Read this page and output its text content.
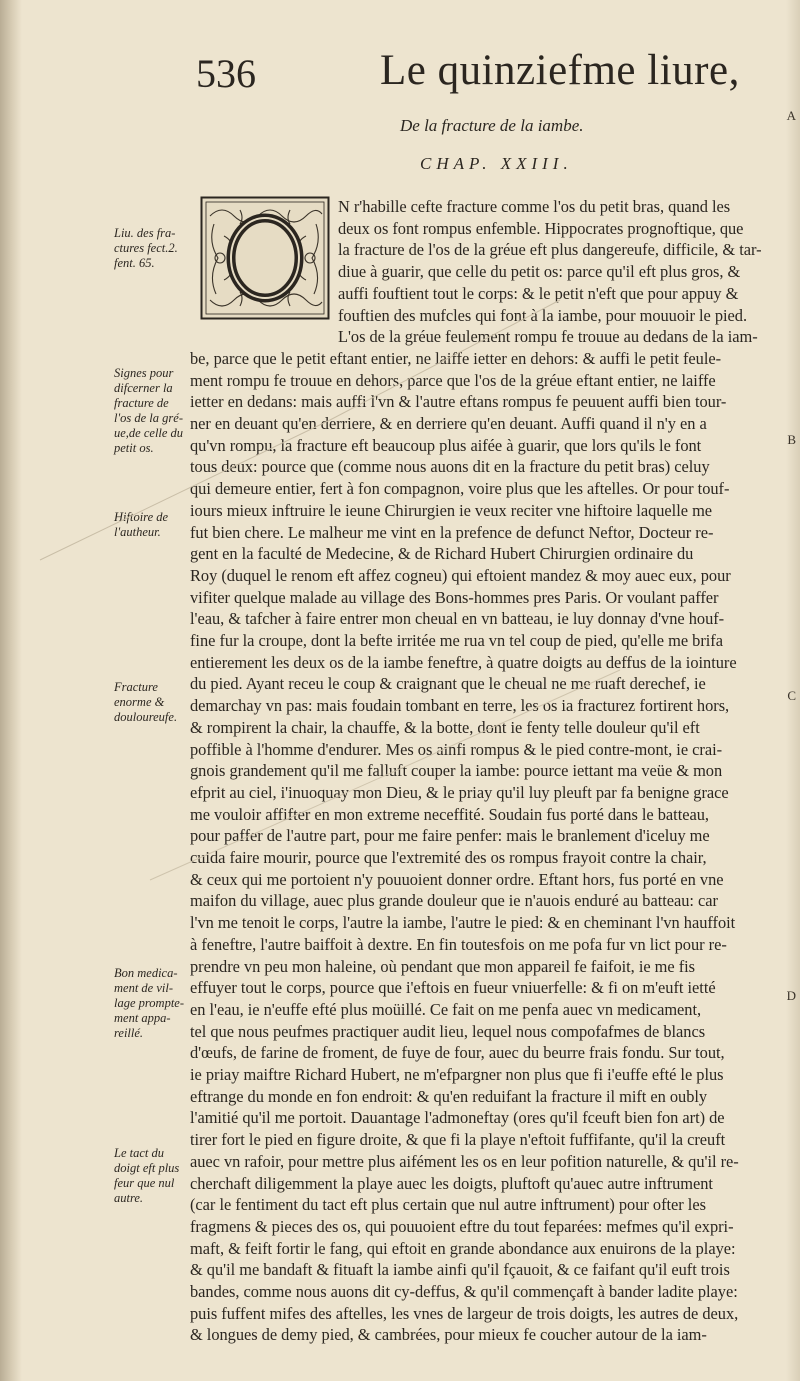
536	Le quinziefme liure,
De la fracture de la iambe.
CHAP. XXIII.
A
B
C
D
Liu. des fra-
ctures fect.2.
fent. 65.
Signes pour
difcerner la
fracture de
l'os de la gré-
ue,de celle du
petit os.
Hiftoire de
l'autheur.
Fracture
enorme &
douloureufe.
Bon medica-
ment de vil-
lage prompte-
ment appa-
reillé.
Le tact du
doigt eft plus
feur que nul
autre.
N r'habille cefte fracture comme l'os du petit bras, quand les
deux os font rompus enfemble. Hippocrates prognoftique, que
la fracture de l'os de la gréue eft plus dangereufe, difficile, & tar-
diue à guarir, que celle du petit os: parce qu'il eft plus gros, &
auffi fouftient tout le corps: & le petit n'eft que pour appuy &
fouftien des mufcles qui font à la iambe, pour mouuoir le pied.
L'os de la gréue feulement rompu fe trouue au dedans de la iam-
be, parce que le petit eftant entier, ne laiffe ietter en dehors: & auffi le petit feule-
ment rompu fe trouue en dehors, parce que l'os de la gréue eftant entier, ne laiffe
ietter en dedans: mais auffi l'vn & l'autre eftans rompus fe peuuent auffi bien tour-
ner en deuant qu'en derriere, & en derriere qu'en deuant. Auffi quand il n'y en a
qu'vn rompu, la fracture eft beaucoup plus aifée à guarir, que lors qu'ils le font
tous deux: pource que (comme nous auons dit en la fracture du petit bras) celuy
qui demeure entier, fert à fon compagnon, voire plus que les aftelles. Or pour touf-
iours mieux inftruire le ieune Chirurgien ie veux reciter vne hiftoire laquelle me
fut bien chere. Le malheur me vint en la prefence de defunct Neftor, Docteur re-
gent en la faculté de Medecine, & de Richard Hubert Chirurgien ordinaire du
Roy (duquel le renom eft affez cogneu) qui eftoient mandez & moy auec eux, pour
vifiter quelque malade au village des Bons-hommes pres Paris. Or voulant paffer
l'eau, & tafcher à faire entrer mon cheual en vn batteau, ie luy donnay d'vne houf-
fine fur la croupe, dont la befte irritée me rua vn tel coup de pied, qu'elle me brifa
entierement les deux os de la iambe feneftre, à quatre doigts au deffus de la iointure
du pied. Ayant receu le coup & craignant que le cheual ne me ruaft derechef, ie
demarchay vn pas: mais foudain tombant en terre, les os ia fracturez fortirent hors,
& rompirent la chair, la chauffe, & la botte, dont ie fenty telle douleur qu'il eft
poffible à l'homme d'endurer. Mes os ainfi rompus & le pied contre-mont, ie crai-
gnois grandement qu'il me falluft couper la iambe: pource iettant ma veüe & mon
efprit au ciel, i'inuoquay mon Dieu, & le priay qu'il luy pleuft par fa benigne grace
me vouloir affifter en mon extreme neceffité. Soudain fus porté dans le batteau,
pour paffer de l'autre part, pour me faire penfer: mais le branlement d'iceluy me
cuida faire mourir, pource que l'extremité des os rompus frayoit contre la chair,
& ceux qui me portoient n'y pouuoient donner ordre. Eftant hors, fus porté en vne
maifon du village, auec plus grande douleur que ie n'auois enduré au batteau: car
l'vn me tenoit le corps, l'autre la iambe, l'autre le pied: & en cheminant l'vn hauffoit
à feneftre, l'autre baiffoit à dextre. En fin toutesfois on me pofa fur vn lict pour re-
prendre vn peu mon haleine, où pendant que mon appareil fe faifoit, ie me fis
effuyer tout le corps, pource que i'eftois en fueur vniuerfelle: & fi on m'euft ietté
en l'eau, ie n'euffe efté plus moüillé. Ce fait on me penfa auec vn medicament,
tel que nous peufmes practiquer audit lieu, lequel nous compofafmes de blancs
d'œufs, de farine de froment, de fuye de four, auec du beurre frais fondu. Sur tout,
ie priay maiftre Richard Hubert, ne m'efpargner non plus que fi i'euffe efté le plus
eftrange du monde en fon endroit: & qu'en reduifant la fracture il mift en oubly
l'amitié qu'il me portoit. Dauantage l'admoneftay (ores qu'il fceuft bien fon art) de
tirer fort le pied en figure droite, & que fi la playe n'eftoit fuffifante, qu'il la creuft
auec vn rafoir, pour mettre plus aifément les os en leur pofition naturelle, & qu'il re-
cherchaft diligemment la playe auec les doigts, pluftoft qu'auec autre inftrument
(car le fentiment du tact eft plus certain que nul autre inftrument) pour ofter les
fragmens & pieces des os, qui pouuoient eftre du tout feparées: mefmes qu'il expri-
maft, & feift fortir le fang, qui eftoit en grande abondance aux enuirons de la playe:
& qu'il me bandaft & fituaft la iambe ainfi qu'il fçauoit, & ce faifant qu'il euft trois
bandes, comme nous auons dit cy-deffus, & qu'il commençaft à bander ladite playe:
puis fuffent mifes des aftelles, les vnes de largeur de trois doigts, les autres de deux,
& longues de demy pied, & cambrées, pour mieux fe coucher autour de la iam-
